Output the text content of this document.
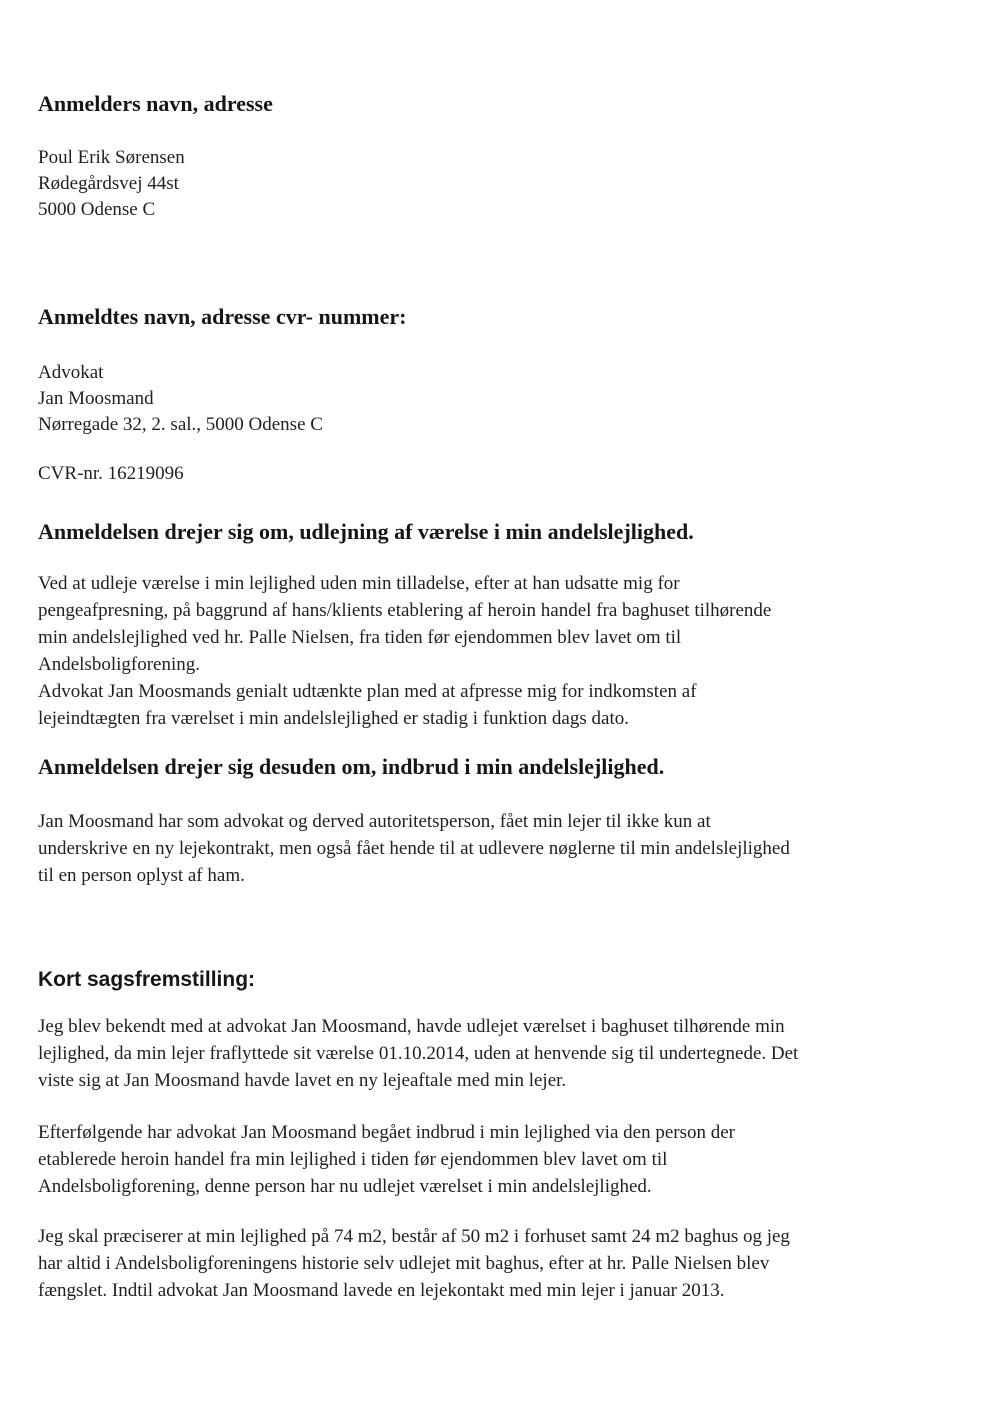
Anmelders navn, adresse

Poul Erik Sørensen
Rødegårdsvej 44st
5000 Odense C

Anmeldtes navn, adresse cvr- nummer:

Advokat
Jan Moosmand
Nørregade 32, 2. sal., 5000 Odense C
CVR-nr. 16219096

Anmeldelsen drejer sig om, udlejning af værelse i min andelslejlighed.

Ved at udleje værelse i min lejlighed uden min tilladelse, efter at han udsatte mig for
pengeafpresning, på baggrund af hans/klients etablering af heroin handel fra baghuset tilhørende
min andelslejlighed ved hr. Palle Nielsen, fra tiden før ejendommen blev lavet om til
Andelsboligforening.
Advokat Jan Moosmands genialt udtænkte plan med at afpresse mig for indkomsten af
lejeindtægten fra værelset i min andelslejlighed er stadig i funktion dags dato.

Anmeldelsen drejer sig desuden om, indbrud i min andelslejlighed.

Jan Moosmand har som advokat og derved autoritetsperson, fået min lejer til ikke kun at
underskrive en ny lejekontrakt, men også fået hende til at udlevere nøglerne til min andelslejlighed
til en person oplyst af ham.

Kort sagsfremstilling:

Jeg blev bekendt med at advokat Jan Moosmand, havde udlejet værelset i baghuset tilhørende min
lejlighed, da min lejer fraflyttede sit værelse 01.10.2014, uden at henvende sig til undertegnede. Det
viste sig at Jan Moosmand havde lavet en ny lejeaftale med min lejer.
Efterfølgende har advokat Jan Moosmand begået indbrud i min lejlighed via den person der
etablerede heroin handel fra min lejlighed i tiden før ejendommen blev lavet om til
Andelsboligforening, denne person har nu udlejet værelset i min andelslejlighed.
Jeg skal præciserer at min lejlighed på 74 m2, består af 50 m2 i forhuset samt 24 m2 baghus og jeg
har altid i Andelsboligforeningens historie selv udlejet mit baghus, efter at hr. Palle Nielsen blev
fængslet. Indtil advokat Jan Moosmand lavede en lejekontakt med min lejer i januar 2013.
